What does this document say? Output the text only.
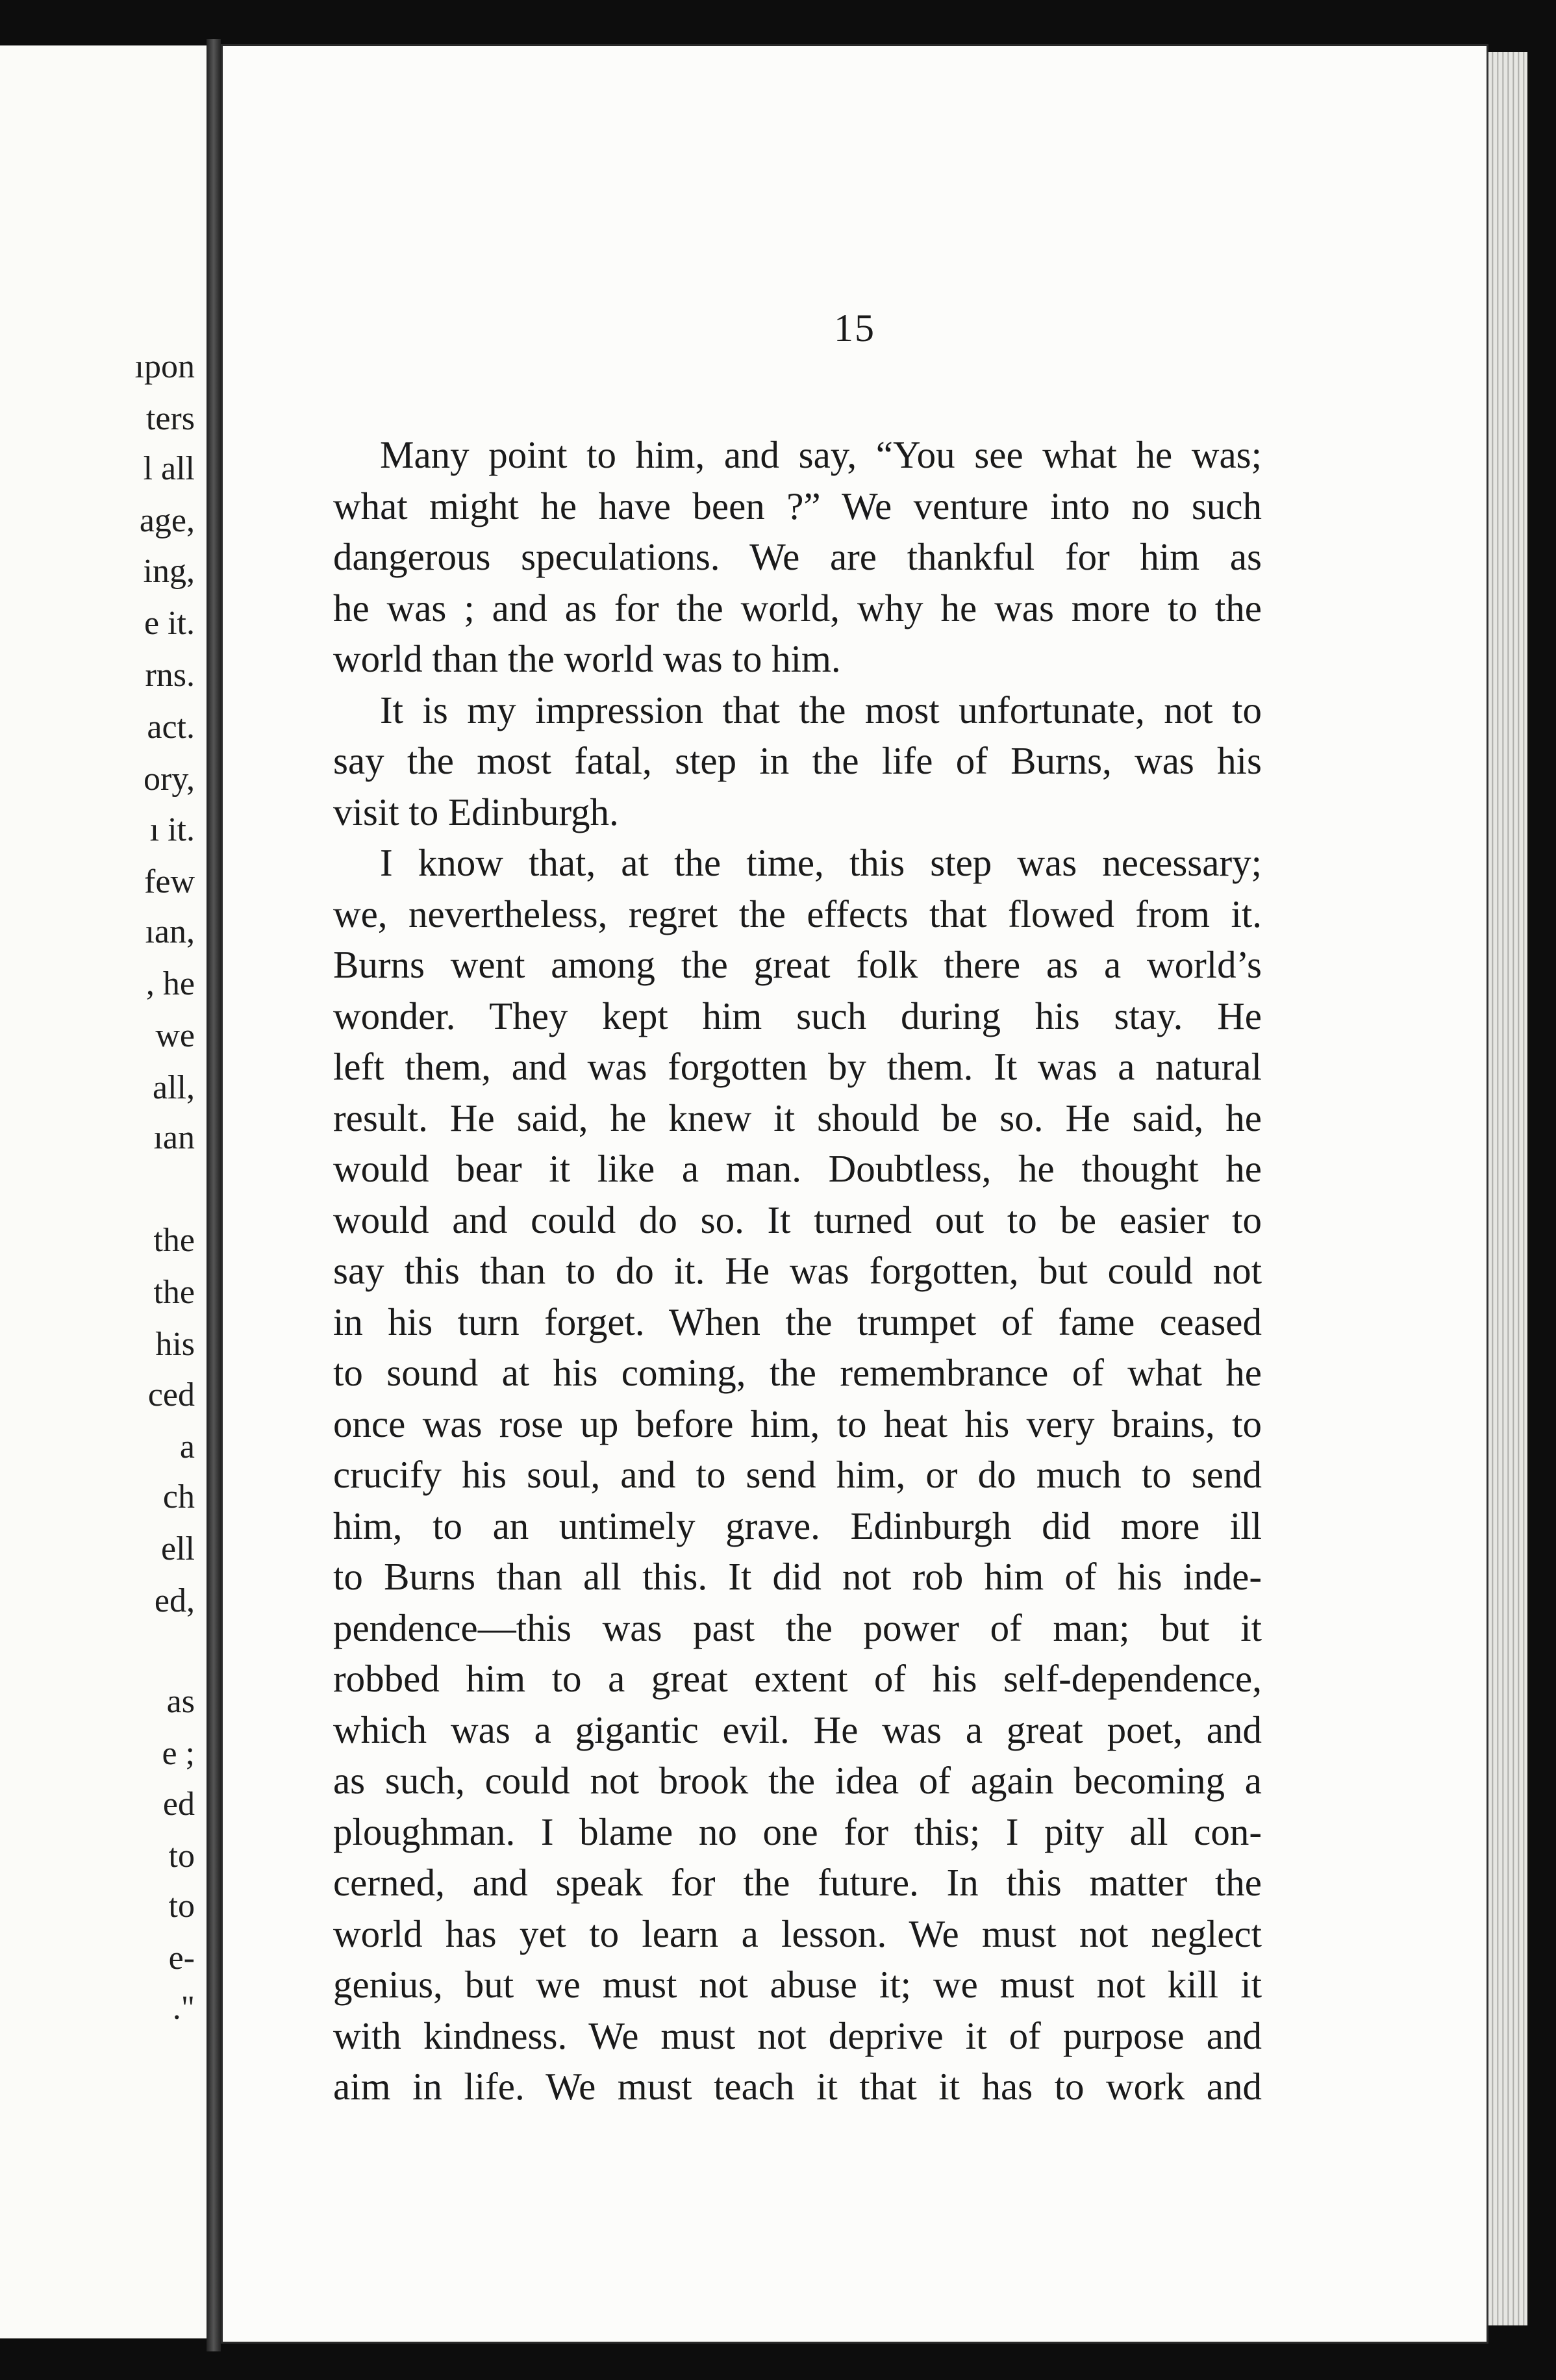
ıpon
ters
l all
age,
ing,
e it.
rns.
act.
ory,
ı it.
few
ıan,
, he
we
all,
ıan
the
the
his
ced
a
ch
ell
ed,
as
e ;
ed
to
to
e-
."
15
Many point to him, and say, “You see what he was;
what might he have been ?” We venture into no such
dangerous speculations. We are thankful for him as
he was ; and as for the world, why he was more to the
world than the world was to him.
It is my impression that the most unfortunate, not to
say the most fatal, step in the life of Burns, was his
visit to Edinburgh.
I know that, at the time, this step was necessary;
we, nevertheless, regret the effects that flowed from it.
Burns went among the great folk there as a world’s
wonder. They kept him such during his stay. He
left them, and was forgotten by them. It was a natural
result. He said, he knew it should be so. He said, he
would bear it like a man. Doubtless, he thought he
would and could do so. It turned out to be easier to
say this than to do it. He was forgotten, but could not
in his turn forget. When the trumpet of fame ceased
to sound at his coming, the remembrance of what he
once was rose up before him, to heat his very brains, to
crucify his soul, and to send him, or do much to send
him, to an untimely grave. Edinburgh did more ill
to Burns than all this. It did not rob him of his inde-
pendence—this was past the power of man; but it
robbed him to a great extent of his self-dependence,
which was a gigantic evil. He was a great poet, and
as such, could not brook the idea of again becoming a
ploughman. I blame no one for this; I pity all con-
cerned, and speak for the future. In this matter the
world has yet to learn a lesson. We must not neglect
genius, but we must not abuse it; we must not kill it
with kindness. We must not deprive it of purpose and
aim in life. We must teach it that it has to work and
